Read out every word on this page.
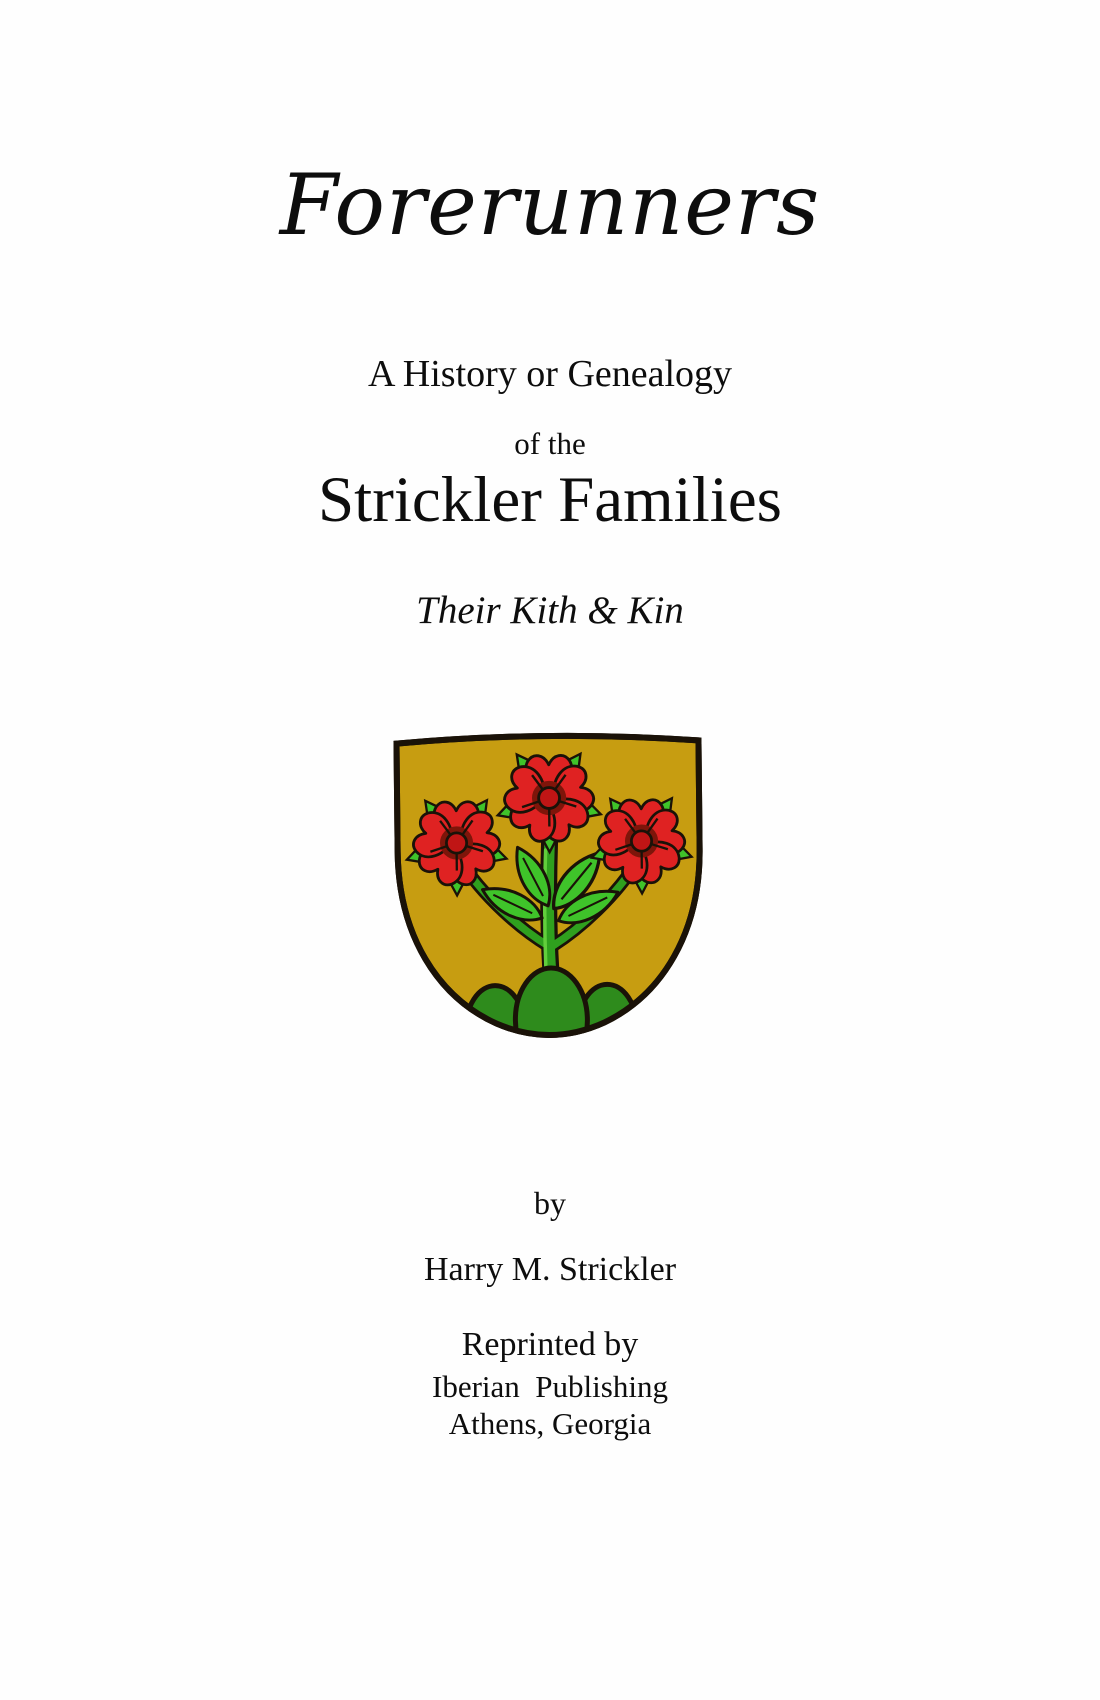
Forerunners
A History or Genealogy
of the
Strickler Families
Their Kith & Kin
by
Harry M. Strickler
Reprinted by
Iberian  Publishing
Athens, Georgia
